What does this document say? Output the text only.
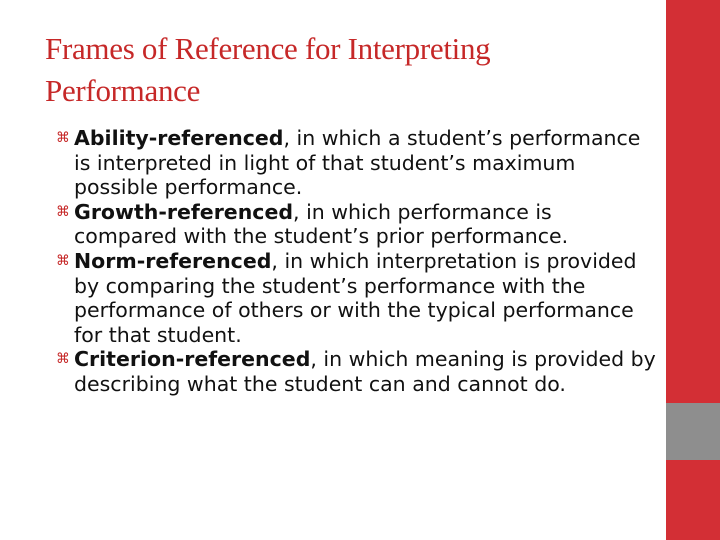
Frames of Reference for Interpreting Performance
⌘ Ability-referenced, in which a student’s performance is interpreted in light of that student’s maximum possible performance.
⌘ Growth-referenced, in which performance is compared with the student’s prior performance.
⌘ Norm-referenced, in which interpretation is provided by comparing the student’s performance with the performance of others or with the typical performance for that student.
⌘ Criterion-referenced, in which meaning is provided by describing what the student can and cannot do.
